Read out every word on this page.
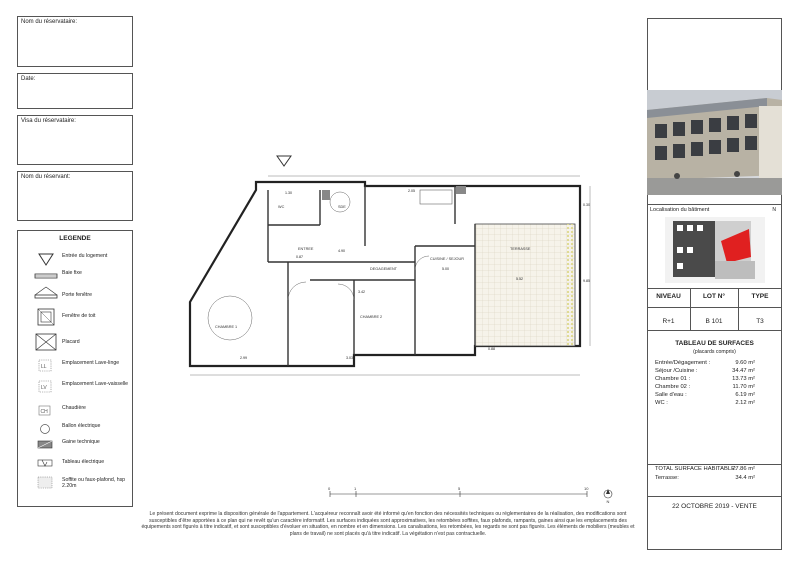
Nom du réservataire:
Date:
Visa du réservataire:
Nom du réservant:
LEGENDE
Entrée du logement
Baie fixe
Porte fenêtre
Fenêtre de toit
Placard
LL
Emplacement Lave-linge
LV
Emplacement Lave-vaisselle
CH
Chaudière
Ballon électrique
Gaine technique
Tableau électrique
Soffite ou faux-plafond, hsp 2.20m
WC	SDE
CHAMBRE 1
CHAMBRE 2
CUISINE / SEJOUR
TERRASSE
DEGAGEMENT
ENTREE
1.30	2.05
5.00
4.90
0.87
3.42
5.52
2.99	3.03
0.88
0.30
9.85
0	1	5	10
N
Le présent document exprime la disposition générale de l'appartement. L'acquéreur reconnaît avoir été informé qu'en fonction des nécessités techniques ou réglementaires de la réalisation, des modifications sont susceptibles d'être apportées à ce plan qui ne revêt qu'un caractère informatif. Les surfaces indiquées sont approximatives, les retombées soffites, faux plafonds, rampants, gaines ainsi que les emplacements des équipements sont figurés à titre indicatif, et sont susceptibles d'évoluer en situation, en nombre et en dimensions. Les canalisations, les retombées, les regards ne sont pas figurés. Les éléments de mobiliers (meubles et plans de travail) ne sont placés qu'à titre indicatif. La végétation n'est pas contractuelle.
Localisation du bâtiment	N
NIVEAU	LOT N°	TYPE
R+1	B 101	T3
TABLEAU DE SURFACES
(placards compris)
Entrée/Dégagement :	9.60 m²
Séjour /Cuisine :	34.47 m²
Chambre 01 :	13.73 m²
Chambre 02 :	11.70 m²
Salle d'eau :	6.19 m²
WC :	2.12 m²
TOTAL SURFACE HABITABLE:
77.86 m²
Terrasse:	34.4 m²
22 OCTOBRE 2019 - VENTE
